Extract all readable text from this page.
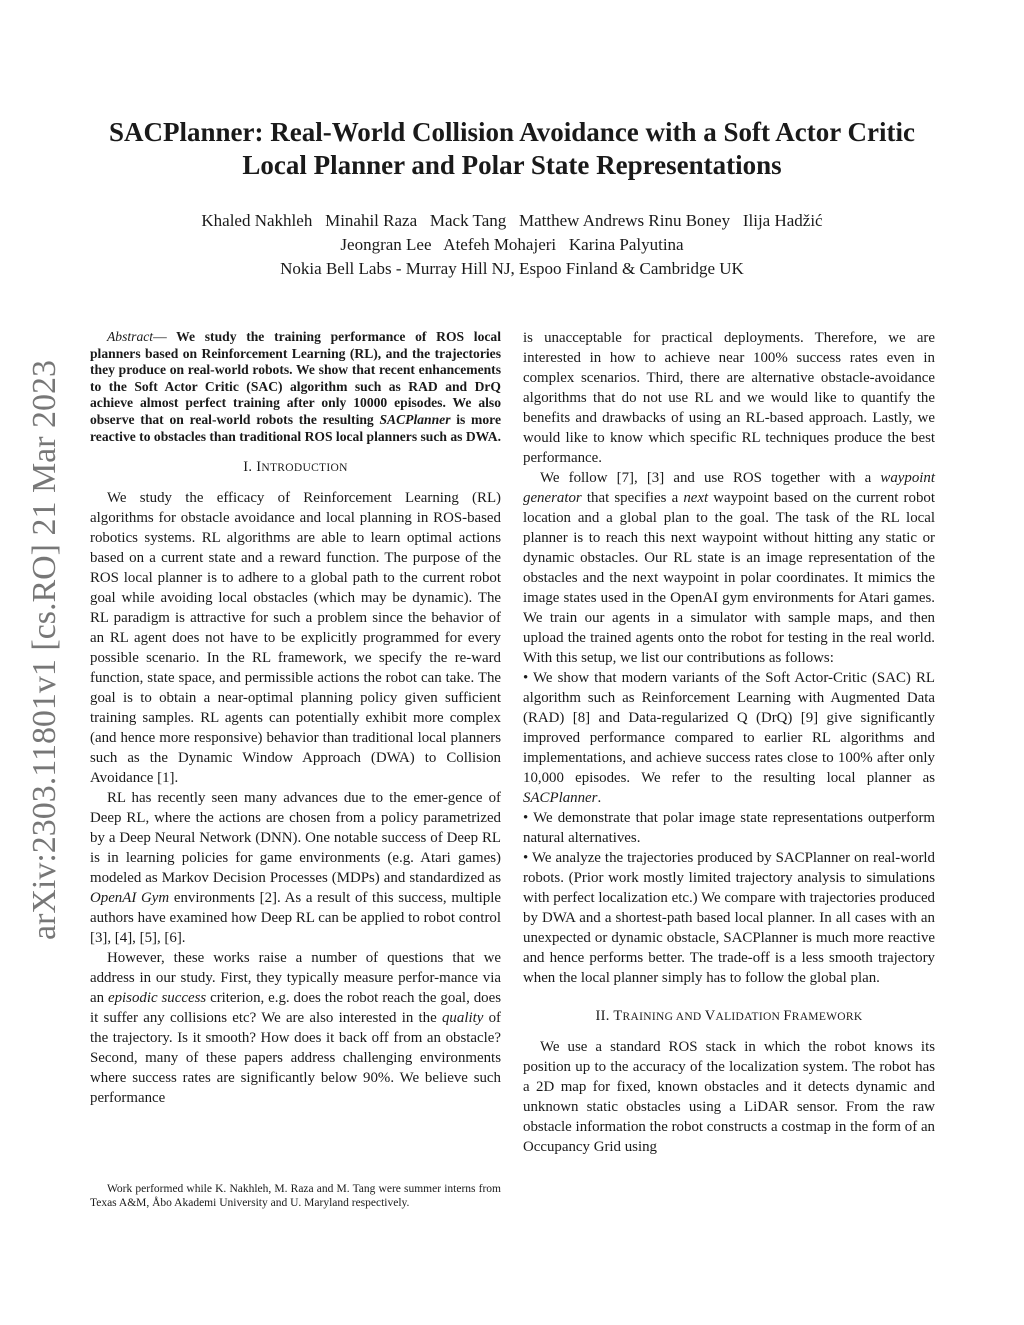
arXiv:2303.11801v1 [cs.RO] 21 Mar 2023
SACPlanner: Real-World Collision Avoidance with a Soft Actor Critic
Local Planner and Polar State Representations
Khaled Nakhleh   Minahil Raza   Mack Tang   Matthew Andrews Rinu Boney   Ilija Hadžić
Jeongran Lee   Atefeh Mohajeri   Karina Palyutina
Nokia Bell Labs - Murray Hill NJ, Espoo Finland & Cambridge UK

Abstract— We study the training performance of ROS local planners based on Reinforcement Learning (RL), and the trajectories they produce on real-world robots. We show that recent enhancements to the Soft Actor Critic (SAC) algorithm such as RAD and DrQ achieve almost perfect training after only 10000 episodes. We also observe that on real-world robots the resulting SACPlanner is more reactive to obstacles than traditional ROS local planners such as DWA.

I. INTRODUCTION

We study the efficacy of Reinforcement Learning (RL) algorithms for obstacle avoidance and local planning in ROS-based robotics systems. RL algorithms are able to learn optimal actions based on a current state and a reward function. The purpose of the ROS local planner is to adhere to a global path to the current robot goal while avoiding local obstacles (which may be dynamic). The RL paradigm is attractive for such a problem since the behavior of an RL agent does not have to be explicitly programmed for every possible scenario. In the RL framework, we specify the re-ward function, state space, and permissible actions the robot can take. The goal is to obtain a near-optimal planning policy given sufficient training samples. RL agents can potentially exhibit more complex (and hence more responsive) behavior than traditional local planners such as the Dynamic Window Approach (DWA) to Collision Avoidance [1].

RL has recently seen many advances due to the emer-gence of Deep RL, where the actions are chosen from a policy parametrized by a Deep Neural Network (DNN). One notable success of Deep RL is in learning policies for game environments (e.g. Atari games) modeled as Markov Decision Processes (MDPs) and standardized as OpenAI Gym environments [2]. As a result of this success, multiple authors have examined how Deep RL can be applied to robot control [3], [4], [5], [6].

However, these works raise a number of questions that we address in our study. First, they typically measure perfor-mance via an episodic success criterion, e.g. does the robot reach the goal, does it suffer any collisions etc? We are also interested in the quality of the trajectory. Is it smooth? How does it back off from an obstacle? Second, many of these papers address challenging environments where success rates are significantly below 90%. We believe such performance

Work performed while K. Nakhleh, M. Raza and M. Tang were summer interns from Texas A&M, Åbo Akademi University and U. Maryland respectively.

is unacceptable for practical deployments. Therefore, we are interested in how to achieve near 100% success rates even in complex scenarios. Third, there are alternative obstacle-avoidance algorithms that do not use RL and we would like to quantify the benefits and drawbacks of using an RL-based approach. Lastly, we would like to know which specific RL techniques produce the best performance.

We follow [7], [3] and use ROS together with a waypoint generator that specifies a next waypoint based on the current robot location and a global plan to the goal. The task of the RL local planner is to reach this next waypoint without hitting any static or dynamic obstacles. Our RL state is an image representation of the obstacles and the next waypoint in polar coordinates. It mimics the image states used in the OpenAI gym environments for Atari games. We train our agents in a simulator with sample maps, and then upload the trained agents onto the robot for testing in the real world. With this setup, we list our contributions as follows:

• We show that modern variants of the Soft Actor-Critic (SAC) RL algorithm such as Reinforcement Learning with Augmented Data (RAD) [8] and Data-regularized Q (DrQ) [9] give significantly improved performance compared to earlier RL algorithms and implementations, and achieve success rates close to 100% after only 10,000 episodes. We refer to the resulting local planner as SACPlanner.

• We demonstrate that polar image state representations outperform natural alternatives.

• We analyze the trajectories produced by SACPlanner on real-world robots. (Prior work mostly limited trajectory analysis to simulations with perfect localization etc.) We compare with trajectories produced by DWA and a shortest-path based local planner. In all cases with an unexpected or dynamic obstacle, SACPlanner is much more reactive and hence performs better. The trade-off is a less smooth trajectory when the local planner simply has to follow the global plan.

II. TRAINING AND VALIDATION FRAMEWORK

We use a standard ROS stack in which the robot knows its position up to the accuracy of the localization system. The robot has a 2D map for fixed, known obstacles and it detects dynamic and unknown static obstacles using a LiDAR sensor. From the raw obstacle information the robot constructs a costmap in the form of an Occupancy Grid using
